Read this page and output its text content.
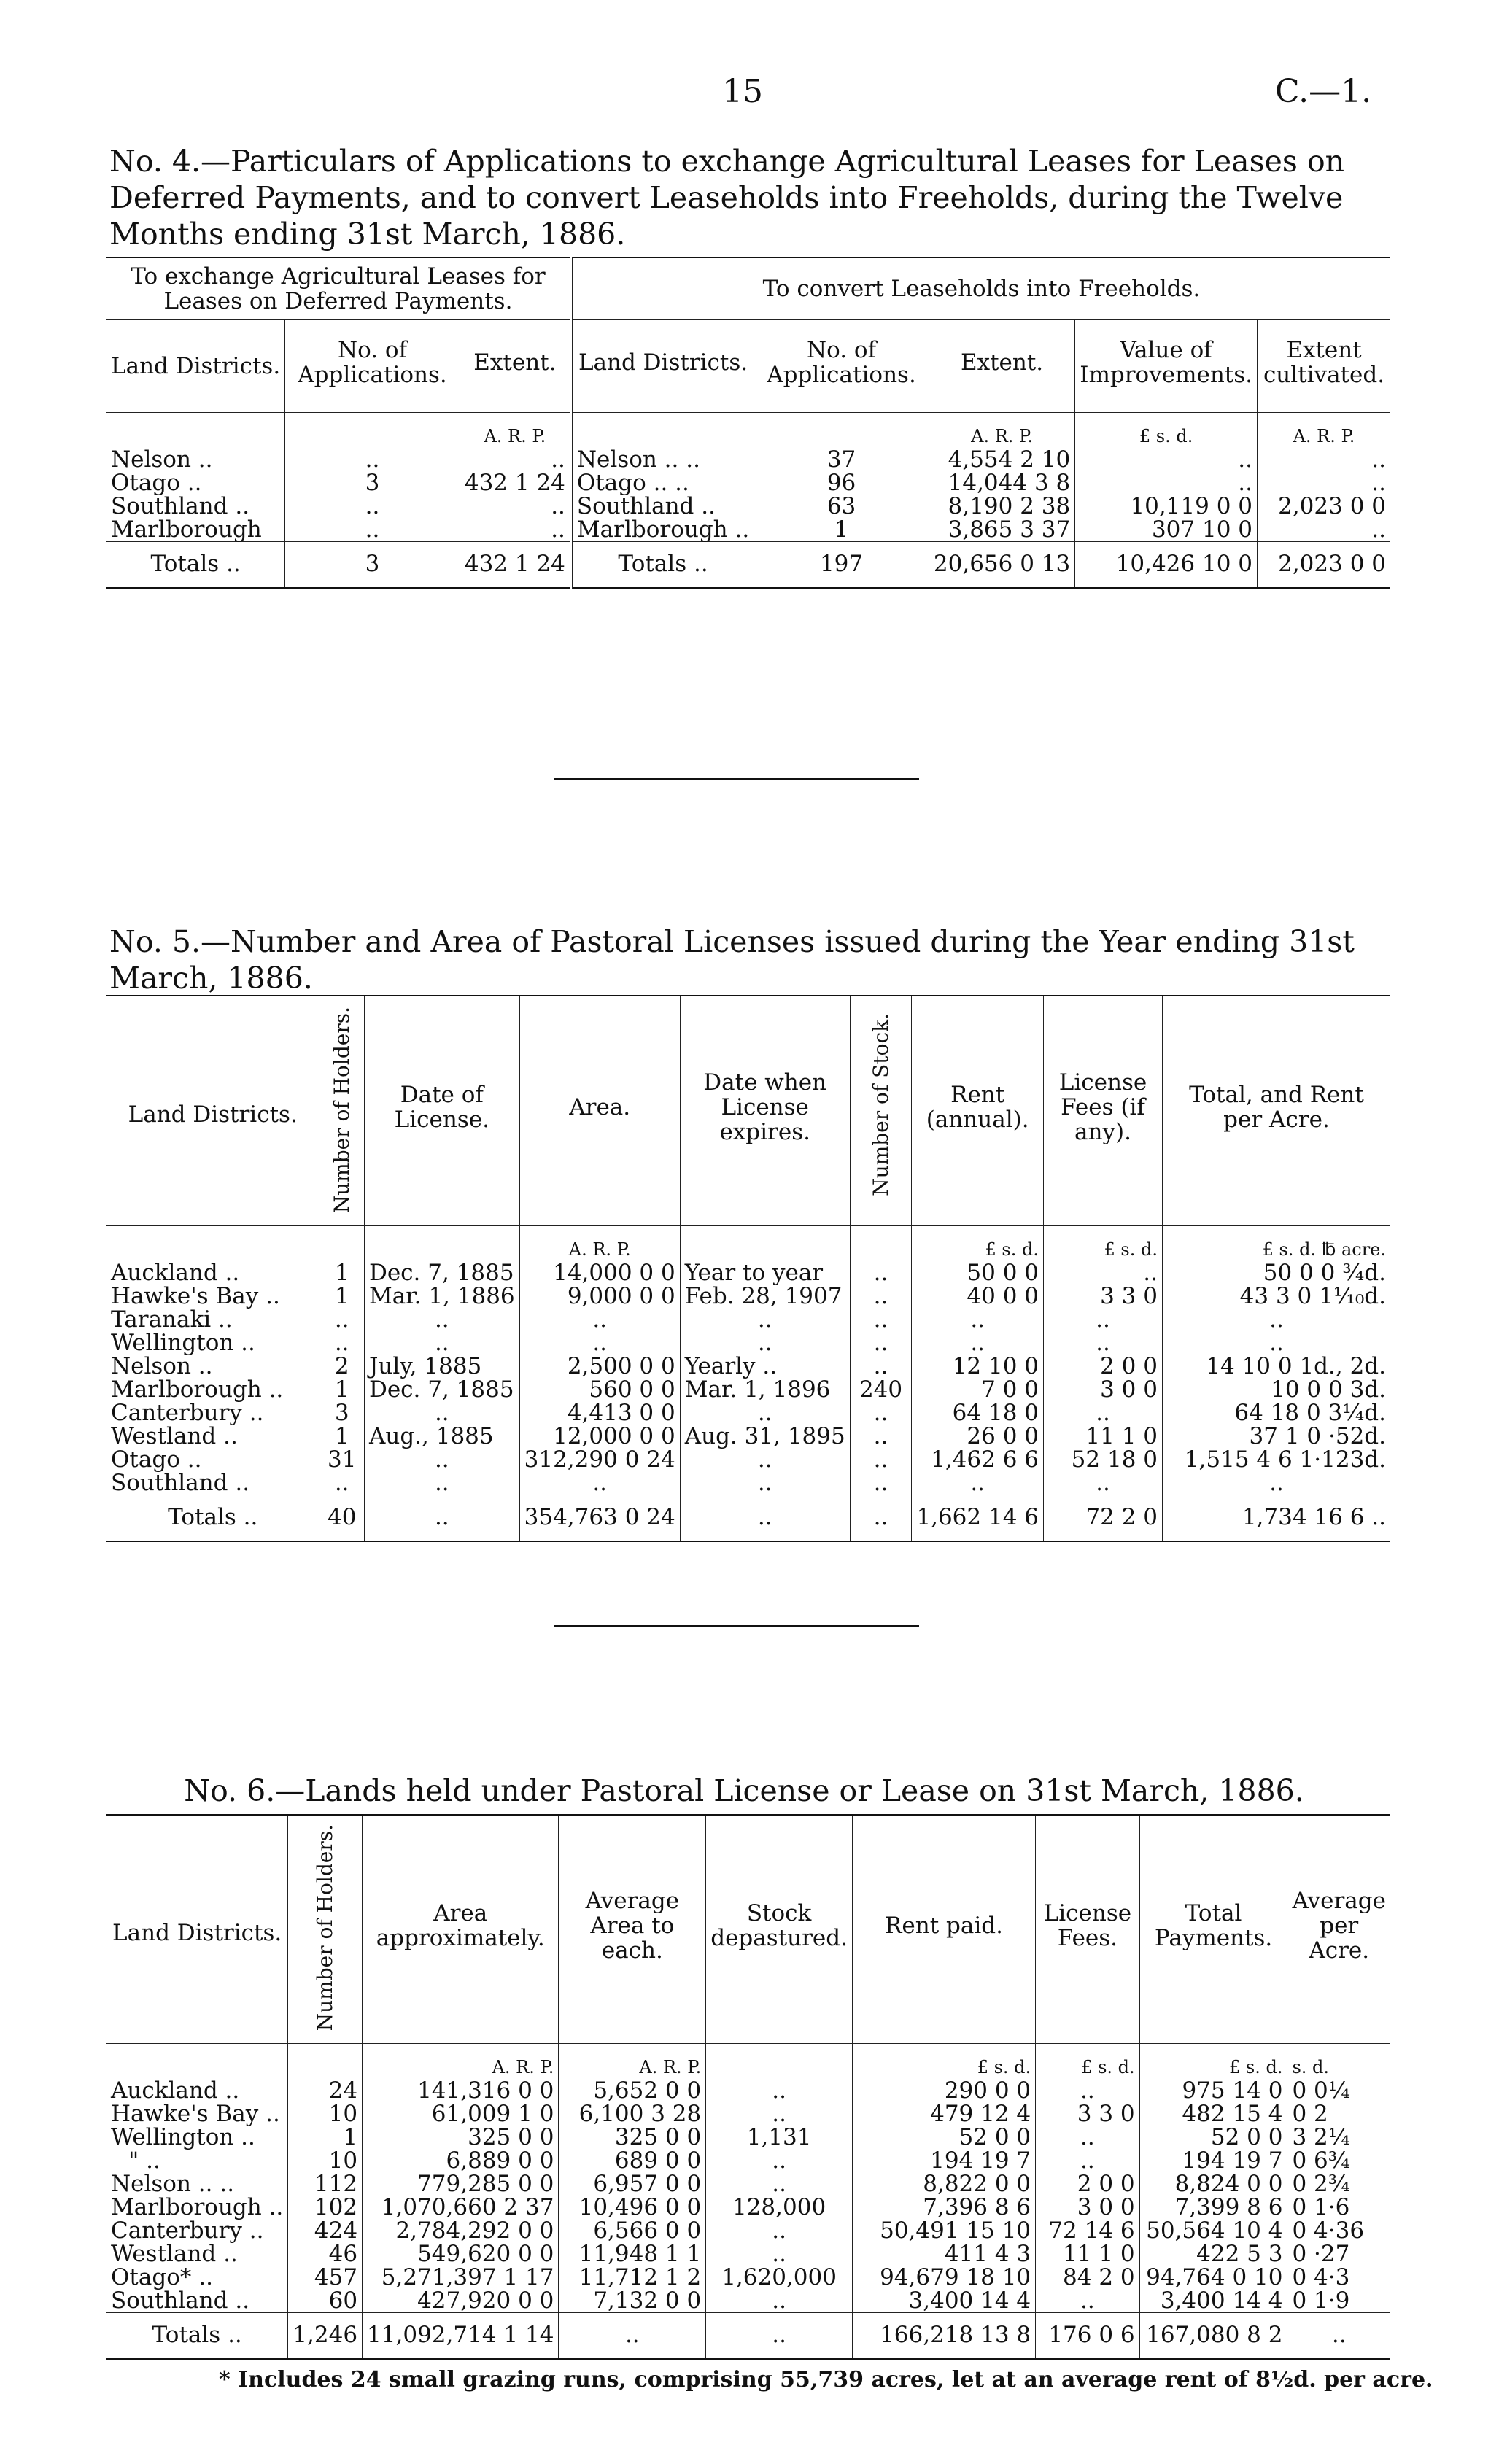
15	C.—1.
No. 4.—Particulars of Applications to exchange Agricultural Leases for Leases on Deferred Payments, and to convert Leaseholds into Freeholds, during the Twelve Months ending 31st March, 1886.
To exchange Agricultural Leases for Leases on Deferred Payments.			To convert Leaseholds into Freeholds.				
Land Districts.	No. of Applications.	Extent.	Land Districts.	No. of Applications.	Extent.	Value of Improvements.	Extent cultivated.
		A. R. P.			A. R. P.	£ s. d.	A. R. P.
Nelson ..	..	..	Nelson .. ..	37	4,554 2 10	..	..
Otago ..	3	432 1 24	Otago .. ..	96	14,044 3 8	..	..
Southland ..	..	..	Southland ..	63	8,190 2 38	10,119 0 0	2,023 0 0
Marlborough	..	..	Marlborough ..	1	3,865 3 37	307 10 0	..
Totals ..	3	432 1 24	Totals ..	197	20,656 0 13	10,426 10 0	2,023 0 0
No. 5.—Number and Area of Pastoral Licenses issued during the Year ending 31st March, 1886.
Land Districts.	Number of Holders.	Date of License.	Area.	Date when License expires.	Number of Stock.	Rent (annual).	License Fees (if any).	Total, and Rent per Acre.
			A. R. P.			£ s. d.	£ s. d.	£ s. d. ℔ acre.
Auckland ..	1	Dec. 7, 1885	14,000 0 0	Year to year	..	50 0 0	..	50 0 0 ¾d.
Hawke's Bay ..	1	Mar. 1, 1886	9,000 0 0	Feb. 28, 1907	..	40 0 0	3 3 0	43 3 0 1⅒d.
Taranaki ..	..	..	..	..	..	..	..	..
Wellington ..	..	..	..	..	..	..	..	..
Nelson ..	2	July, 1885	2,500 0 0	Yearly ..	..	12 10 0	2 0 0	14 10 0 1d., 2d.
Marlborough ..	1	Dec. 7, 1885	560 0 0	Mar. 1, 1896	240	7 0 0	3 0 0	10 0 0 3d.
Canterbury ..	3	..	4,413 0 0	..	..	64 18 0	..	64 18 0 3¼d.
Westland ..	1	Aug., 1885	12,000 0 0	Aug. 31, 1895	..	26 0 0	11 1 0	37 1 0 ·52d.
Otago ..	31	..	312,290 0 24	..	..	1,462 6 6	52 18 0	1,515 4 6 1·123d.
Southland ..	..	..	..	..	..	..	..	..
Totals ..	40	..	354,763 0 24	..	..	1,662 14 6	72 2 0	1,734 16 6 ..
No. 6.—Lands held under Pastoral License or Lease on 31st March, 1886.
Land Districts.	Number of Holders.	Area approximately.	Average Area to each.	Stock depastured.	Rent paid.	License Fees.	Total Payments.	Average per Acre.
		A. R. P.	A. R. P.		£ s. d.	£ s. d.	£ s. d.	s. d.
Auckland ..	24	141,316 0 0	5,652 0 0	..	290 0 0	..	975 14 0	0 0¼
Hawke's Bay ..	10	61,009 1 0	6,100 3 28	..	479 12 4	3 3 0	482 15 4	0 2
Wellington ..	1	325 0 0	325 0 0	1,131	52 0 0	..	52 0 0	3 2¼
" ..	10	6,889 0 0	689 0 0	..	194 19 7	..	194 19 7	0 6¾
Nelson .. ..	112	779,285 0 0	6,957 0 0	..	8,822 0 0	2 0 0	8,824 0 0	0 2¾
Marlborough ..	102	1,070,660 2 37	10,496 0 0	128,000	7,396 8 6	3 0 0	7,399 8 6	0 1·6
Canterbury ..	424	2,784,292 0 0	6,566 0 0	..	50,491 15 10	72 14 6	50,564 10 4	0 4·36
Westland ..	46	549,620 0 0	11,948 1 1	..	411 4 3	11 1 0	422 5 3	0 ·27
Otago* ..	457	5,271,397 1 17	11,712 1 2	1,620,000	94,679 18 10	84 2 0	94,764 0 10	0 4·3
Southland ..	60	427,920 0 0	7,132 0 0	..	3,400 14 4	..	3,400 14 4	0 1·9
Totals ..	1,246	11,092,714 1 14	..	..	166,218 13 8	176 0 6	167,080 8 2	..
* Includes 24 small grazing runs, comprising 55,739 acres, let at an average rent of 8½d. per acre.
